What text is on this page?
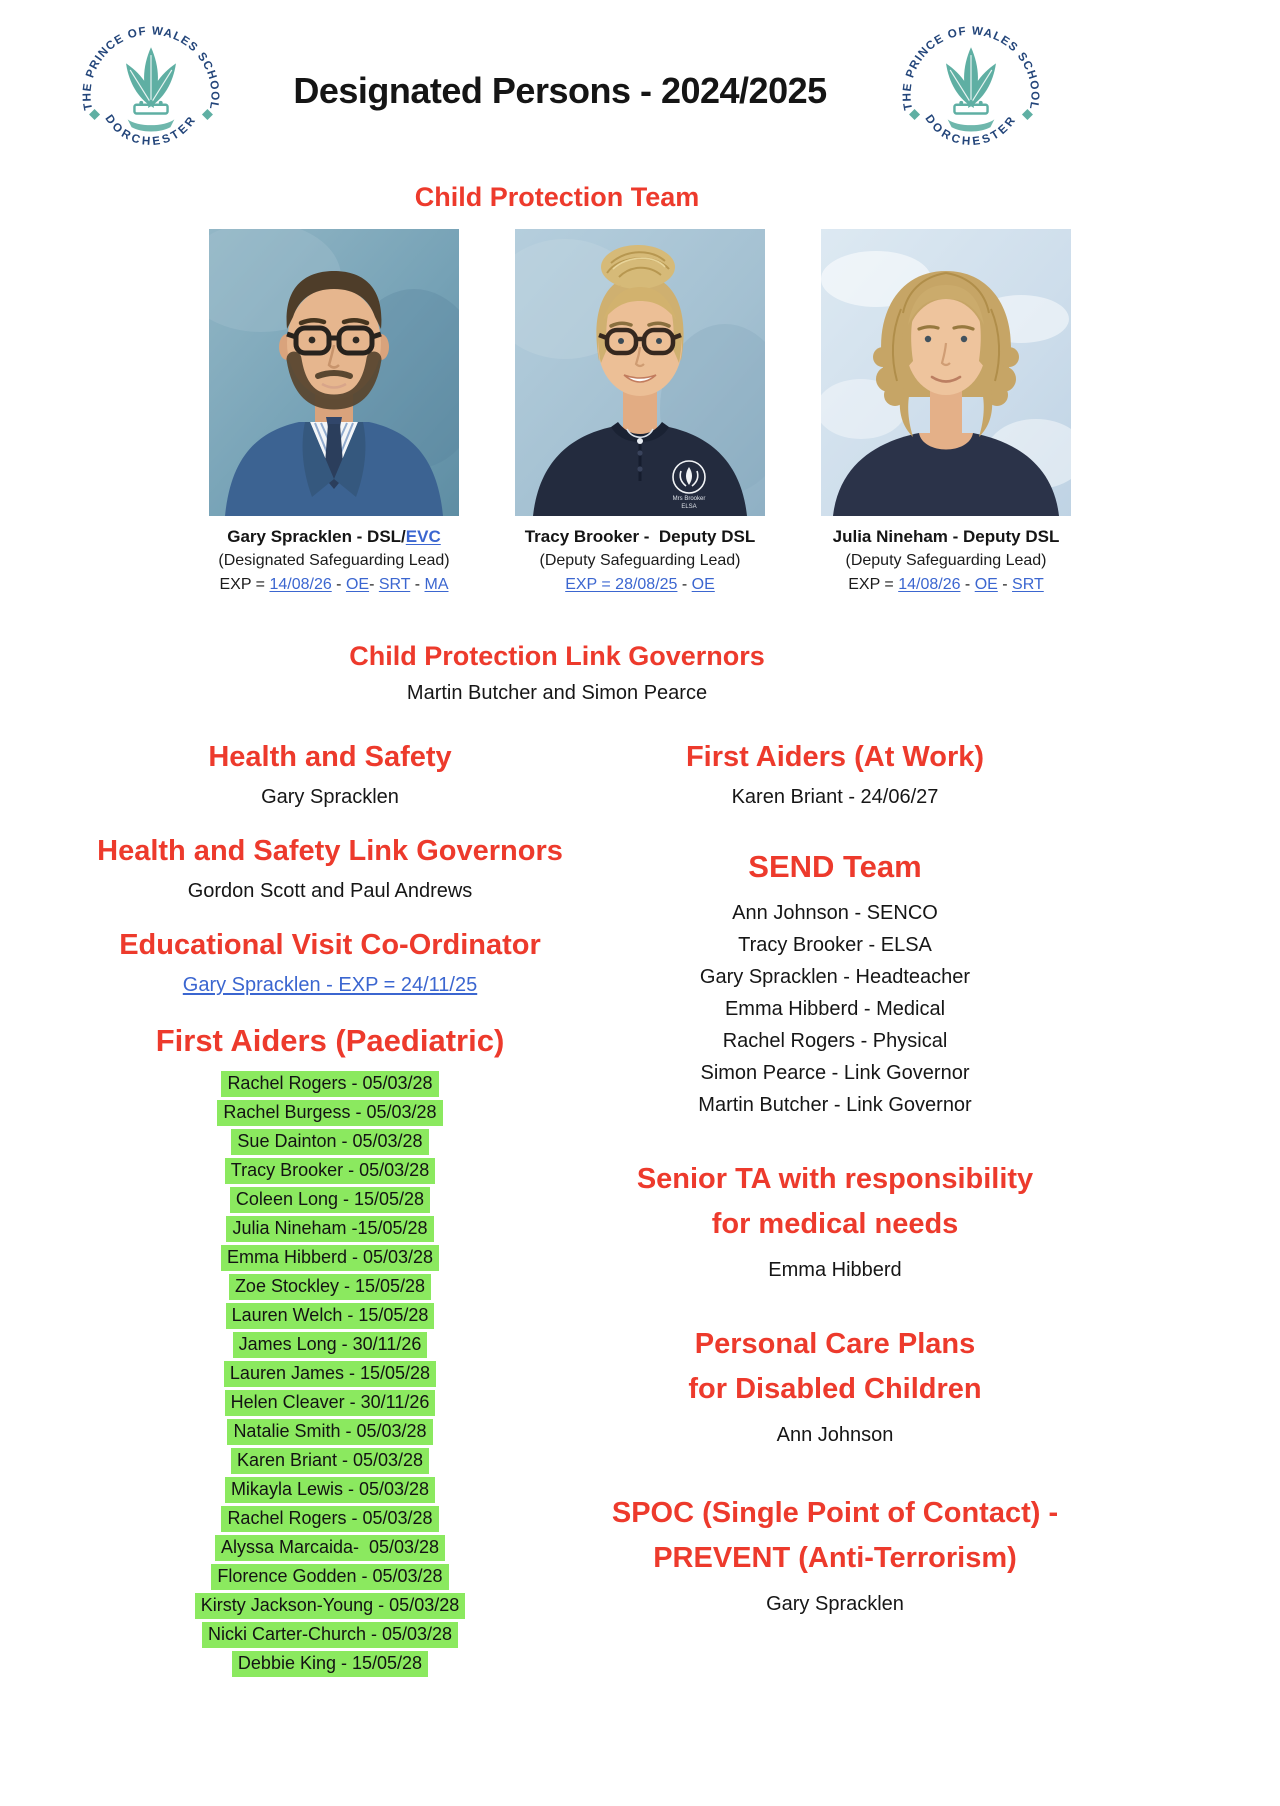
Designated Persons - 2024/2025
Child Protection Team
Gary Spracklen - DSL/EVC
(Designated Safeguarding Lead)
EXP = 14/08/26 - OE- SRT - MA
Mrs Brooker
ELSA
Tracy Brooker -  Deputy DSL
(Deputy Safeguarding Lead)
EXP = 28/08/25 - OE
Julia Nineham - Deputy DSL
(Deputy Safeguarding Lead)
EXP = 14/08/26 - OE - SRT
Child Protection Link Governors

Martin Butcher and Simon Pearce

Health and Safety

Gary Spracklen

Health and Safety Link Governors

Gordon Scott and Paul Andrews

Educational Visit Co-Ordinator

Gary Spracklen - EXP = 24/11/25

First Aiders (Paediatric)
Rachel Rogers - 05/03/28
Rachel Burgess - 05/03/28
Sue Dainton - 05/03/28
Tracy Brooker - 05/03/28
Coleen Long - 15/05/28
Julia Nineham -15/05/28
Emma Hibberd - 05/03/28
Zoe Stockley - 15/05/28
Lauren Welch - 15/05/28
James Long - 30/11/26
Lauren James - 15/05/28
Helen Cleaver - 30/11/26
Natalie Smith - 05/03/28
Karen Briant - 05/03/28
Mikayla Lewis - 05/03/28
Rachel Rogers - 05/03/28
Alyssa Marcaida-  05/03/28
Florence Godden - 05/03/28
Kirsty Jackson-Young - 05/03/28
Nicki Carter-Church - 05/03/28
Debbie King - 15/05/28
First Aiders (At Work)

Karen Briant - 24/06/27

SEND Team

Ann Johnson - SENCO

Tracy Brooker - ELSA

Gary Spracklen - Headteacher

Emma Hibberd - Medical

Rachel Rogers - Physical

Simon Pearce - Link Governor

Martin Butcher - Link Governor

Senior TA with responsibility
for medical needs

Emma Hibberd

Personal Care Plans
for Disabled Children

Ann Johnson

SPOC (Single Point of Contact) -
PREVENT (Anti-Terrorism)

Gary Spracklen
